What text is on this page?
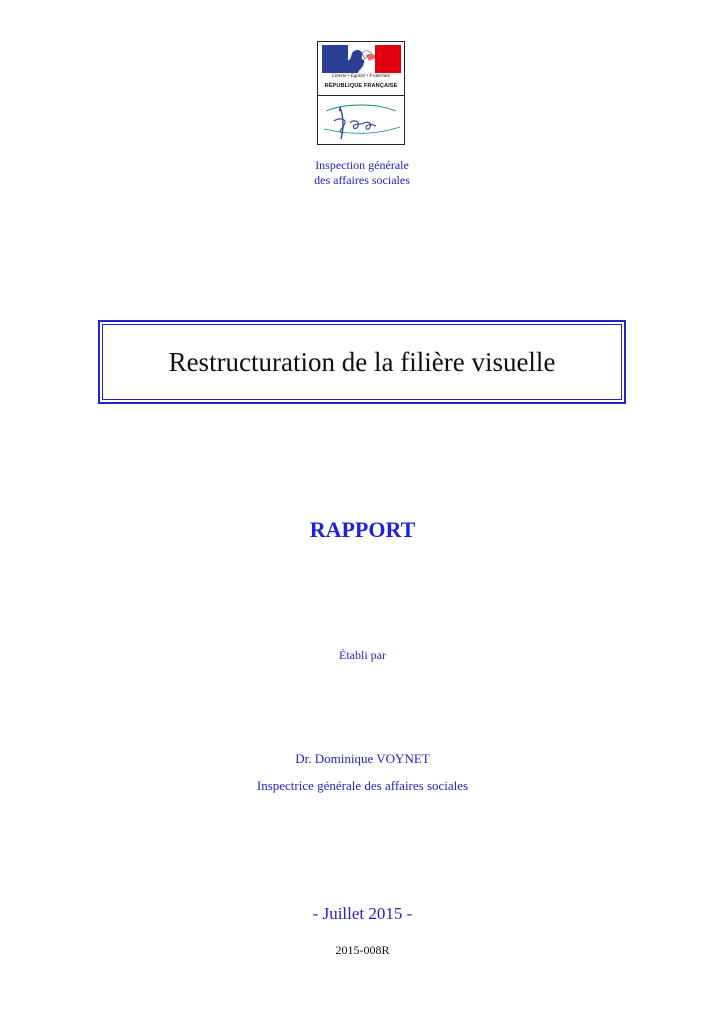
Liberté • Égalité • Fraternité
RÉPUBLIQUE FRANÇAISE
Inspection générale
des affaires sociales
Restructuration de la filière visuelle
RAPPORT
Établi par
Dr. Dominique VOYNET
Inspectrice générale des affaires sociales
- Juillet 2015 -
2015-008R
